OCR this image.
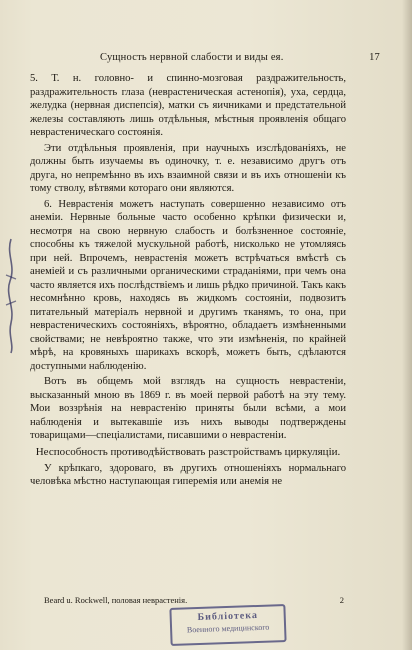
Сущность нервной слабости и виды ея.	17

5. Т. н. головно- и спинно-мозговая раздражительность, раздражительность глаза (неврастеническая астенопія), уха, сердца, желудка (нервная диспепсія), матки съ яичниками и предстательной железы составляють лишь отдѣльныя, мѣстныя проявленія общаго неврастеническаго состоянія.

Эти отдѣльныя проявленія, при научныхъ изслѣдованіяхъ, не должны быть изучаемы въ одиночку, т. е. независимо другъ отъ друга, но непремѣнно въ ихъ взаимной связи и въ ихъ отношеніи къ тому стволу, вѣтвями котораго они являются.

6. Неврастенія можетъ наступать совершенно независимо отъ анеміи. Нервные больные часто особенно крѣпки физически и, несмотря на свою нервную слабость и болѣзненное состояніе, способны къ тяжелой мускульной работѣ, нисколько не утомляясь при ней. Впрочемъ, неврастенія можетъ встрѣчаться вмѣстѣ съ анеміей и съ различными органическими страданіями, при чемъ она часто является ихъ послѣдствіемъ и лишь рѣдко причиной. Такъ какъ несомнѣнно кровь, находясь въ жидкомъ состояніи, подвозитъ питательный матеріалъ нервной и другимъ тканямъ, то она, при неврастеническихъ состояніяхъ, вѣроятно, обладаетъ измѣненными свойствами; не невѣроятно также, что эти измѣненія, по крайней мѣрѣ, на кровяныхъ шарикахъ вскорѣ, можетъ быть, сдѣлаются доступными наблюденію.

Вотъ въ общемъ мой взглядъ на сущность неврастеніи, высказанный мною въ 1869 г. въ моей первой работѣ на эту тему. Мои воззрѣнія на неврастенію приняты были всѣми, а мои наблюденія и вытекавшіе изъ нихъ выводы подтверждены товарищами—спеціалистами, писавшими о неврастеніи.

Неспособность противодѣйствовать разстройствамъ циркуляціи.

У крѣпкаго, здороваго, въ другихъ отношеніяхъ нормальнаго человѣка мѣстно наступающая гиперемія или анемія не

Beard u. Rockwell, половая неврастенія.	2
Библіотека
Военного медицинского
